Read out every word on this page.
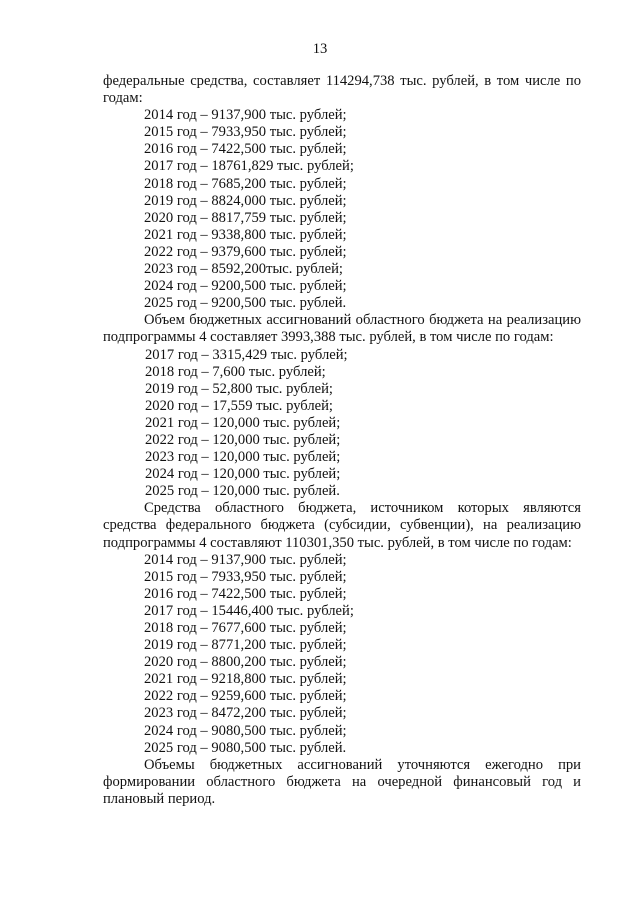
13
федеральные средства, составляет 114294,738 тыс. рублей, в том числе по
годам:
2014 год – 9137,900 тыс. рублей;
2015 год – 7933,950 тыс. рублей;
2016 год – 7422,500 тыс. рублей;
2017 год – 18761,829 тыс. рублей;
2018 год – 7685,200 тыс. рублей;
2019 год – 8824,000 тыс. рублей;
2020 год – 8817,759 тыс. рублей;
2021 год – 9338,800 тыс. рублей;
2022 год – 9379,600 тыс. рублей;
2023 год – 8592,200тыс. рублей;
2024 год – 9200,500 тыс. рублей;
2025 год – 9200,500 тыс. рублей.
Объем бюджетных ассигнований областного бюджета на реализацию
подпрограммы 4 составляет 3993,388 тыс. рублей, в том числе по годам:
2017 год – 3315,429 тыс. рублей;
2018 год – 7,600 тыс. рублей;
2019 год – 52,800 тыс. рублей;
2020 год – 17,559 тыс. рублей;
2021 год – 120,000 тыс. рублей;
2022 год – 120,000 тыс. рублей;
2023 год – 120,000 тыс. рублей;
2024 год – 120,000 тыс. рублей;
2025 год – 120,000 тыс. рублей.
Средства областного бюджета, источником которых являются
средства федерального бюджета (субсидии, субвенции), на реализацию
подпрограммы 4 составляют 110301,350 тыс. рублей, в том числе по годам:
2014 год – 9137,900 тыс. рублей;
2015 год – 7933,950 тыс. рублей;
2016 год – 7422,500 тыс. рублей;
2017 год – 15446,400 тыс. рублей;
2018 год – 7677,600 тыс. рублей;
2019 год – 8771,200 тыс. рублей;
2020 год – 8800,200 тыс. рублей;
2021 год – 9218,800 тыс. рублей;
2022 год – 9259,600 тыс. рублей;
2023 год – 8472,200 тыс. рублей;
2024 год – 9080,500 тыс. рублей;
2025 год – 9080,500 тыс. рублей.
Объемы бюджетных ассигнований уточняются ежегодно при
формировании областного бюджета на очередной финансовый год и
плановый период.
